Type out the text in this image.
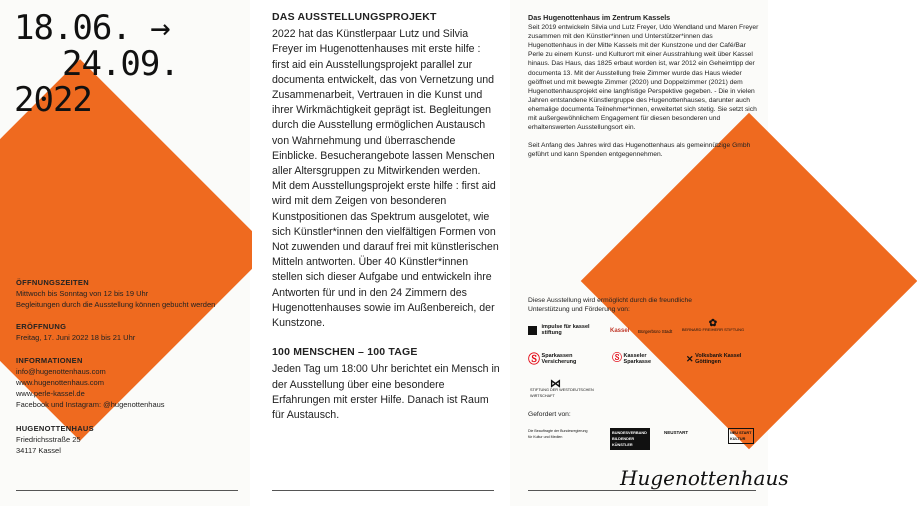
18.06. →
24.09.
2022
ÖFFNUNGSZEITEN
Mittwoch bis Sonntag von 12 bis 19 Uhr
Begleitungen durch die Ausstellung können gebucht werden
ERÖFFNUNG
Freitag, 17. Juni 2022 18 bis 21 Uhr
INFORMATIONEN
info@hugenottenhaus.com
www.hugenottenhaus.com
www.perle-kassel.de
Facebook und Instagram: @hugenottenhaus
HUGENOTTENHAUS
Friedrichsstraße 25
34117 Kassel
DAS AUSSTELLUNGSPROJEKT

2022 hat das Künstlerpaar Lutz und Silvia Freyer im Hugenottenhauses mit erste hilfe : first aid ein Ausstellungsprojekt parallel zur documenta entwickelt, das von Vernetzung und Zusammenarbeit, Vertrauen in die Kunst und ihrer Wirkmächtigkeit geprägt ist. Begleitungen durch die Ausstellung ermöglichen Austausch von Wahrnehmung und überraschende Einblicke. Besucherangebote lassen Menschen aller Altersgruppen zu Mitwirkenden werden.

Mit dem Ausstellungsprojekt erste hilfe : first aid wird mit dem Zeigen von besonderen Kunstpositionen das Spektrum ausgelotet, wie sich Künstler*innen den vielfältigen Formen von Not zuwenden und darauf frei mit künstlerischen Mitteln antworten. Über 40 Künstler*innen stellen sich dieser Aufgabe und entwickeln ihre Antworten für und in den 24 Zimmern des Hugenottenhauses sowie im Außenbereich, der Kunstzone.

100 MENSCHEN – 100 TAGE

Jeden Tag um 18:00 Uhr berichtet ein Mensch in der Ausstellung über eine besondere Erfahrungen mit erster Hilfe. Danach ist Raum für Austausch.

Das Hugenottenhaus im Zentrum Kassels
Seit 2019 entwickeln Silvia und Lutz Freyer, Udo Wendland und Maren Freyer zusammen mit den Künstler*innen und Unterstützer*innen das Hugenottenhaus in der Mitte Kassels mit der Kunstzone und der Café/Bar Perle zu einem Kunst- und Kulturort mit einer Ausstrahlung weit über Kassel hinaus. Das Haus, das 1825 erbaut worden ist, war 2012 ein Geheimtipp der documenta 13. Mit der Ausstellung freie Zimmer wurde das Haus wieder geöffnet und mit bewegte Zimmer (2020) und Doppelzimmer (2021) dem Hugenottenhausprojekt eine langfristige Perspektive gegeben. - Die in vielen Jahren entstandene Künstlergruppe des Hugenottenhauses, darunter auch ehemalige documenta Teilnehmer*innen, erweitertet sich stetig. Sie setzt sich mit außergewöhnlichem Engagement für diesen besonderen und erhaltenswerten Ausstellungsort ein.
Seit Anfang des Jahres wird das Hugenottenhaus als gemeinnützige Gmbh geführt und kann Spenden entgegennehmen.
Diese Ausstellung wird ermöglicht durch die freundliche Unterstützung und Förderung von:
impulse für kassel stiftung	Kassel Bürgerbüro Stadt
✿
BERNARD FREIHERR STIFTUNG
Ⓢ Sparkassen Versicherung	Ⓢ Kasseler Sparkasse	✕ Volksbank Kassel Göttingen
⋈
STIFTUNG DER WESTDEUTSCHEN WIRTSCHAFT
Gefordert von:
Die Beauftragte der Bundesregierung für Kultur und Medien
BUNDESVERBAND BILDENDER KÜNSTLER
NEUSTART	NEU START KULTUR
Hugenottenhaus
